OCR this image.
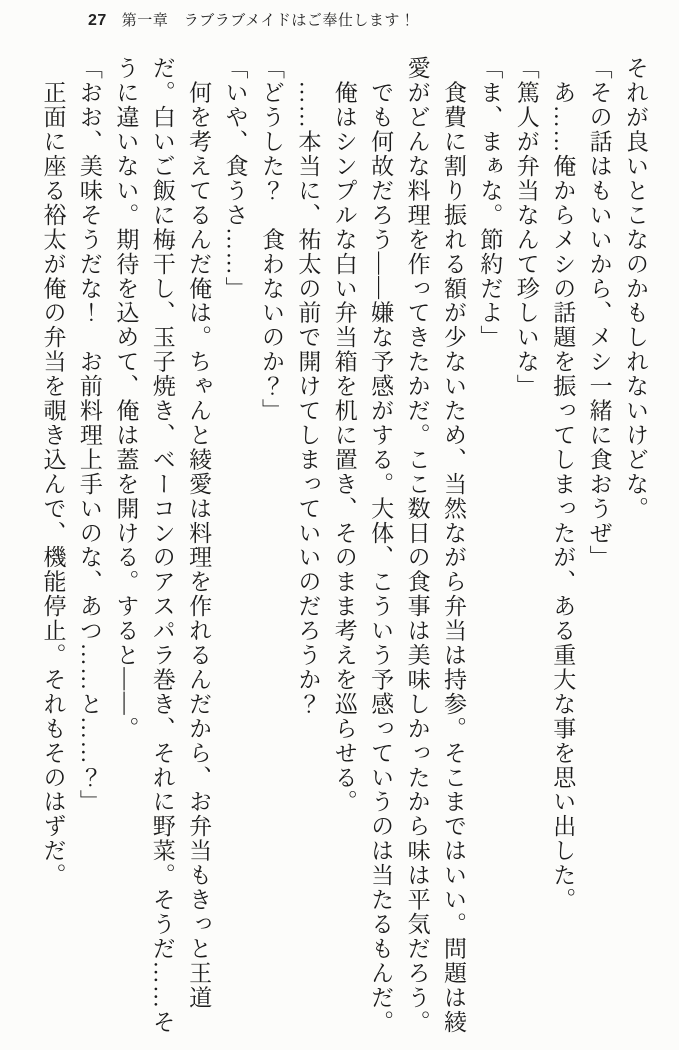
27 第一章　ラブラブメイドはご奉仕します！

それが良いとこなのかもしれないけどな。

「その話はもいいから、メシ一緒に食おうぜ」

　あ……俺からメシの話題を振ってしまったが、ある重大な事を思い出した。

「篤人が弁当なんて珍しいな」

「ま、まぁな。節約だよ」

　食費に割り振れる額が少ないため、当然ながら弁当は持参。そこまではいい。問題は綾愛がどんな料理を作ってきたかだ。ここ数日の食事は美味しかったから味は平気だろう。

　でも何故だろう――嫌な予感がする。大体、こういう予感っていうのは当たるもんだ。

　俺はシンプルな白い弁当箱を机に置き、そのまま考えを巡らせる。

　……本当に、祐太の前で開けてしまっていいのだろうか？

「どうした？　食わないのか？」

「いや、食うさ……」

　何を考えてるんだ俺は。ちゃんと綾愛は料理を作れるんだから、お弁当もきっと王道だ。白いご飯に梅干し、玉子焼き、ベーコンのアスパラ巻き、それに野菜。そうだ……そうに違いない。期待を込めて、俺は蓋を開ける。すると――。

「おお、美味そうだな！　お前料理上手いのな、あつ……と……？」

　正面に座る裕太が俺の弁当を覗き込んで、機能停止。それもそのはずだ。
